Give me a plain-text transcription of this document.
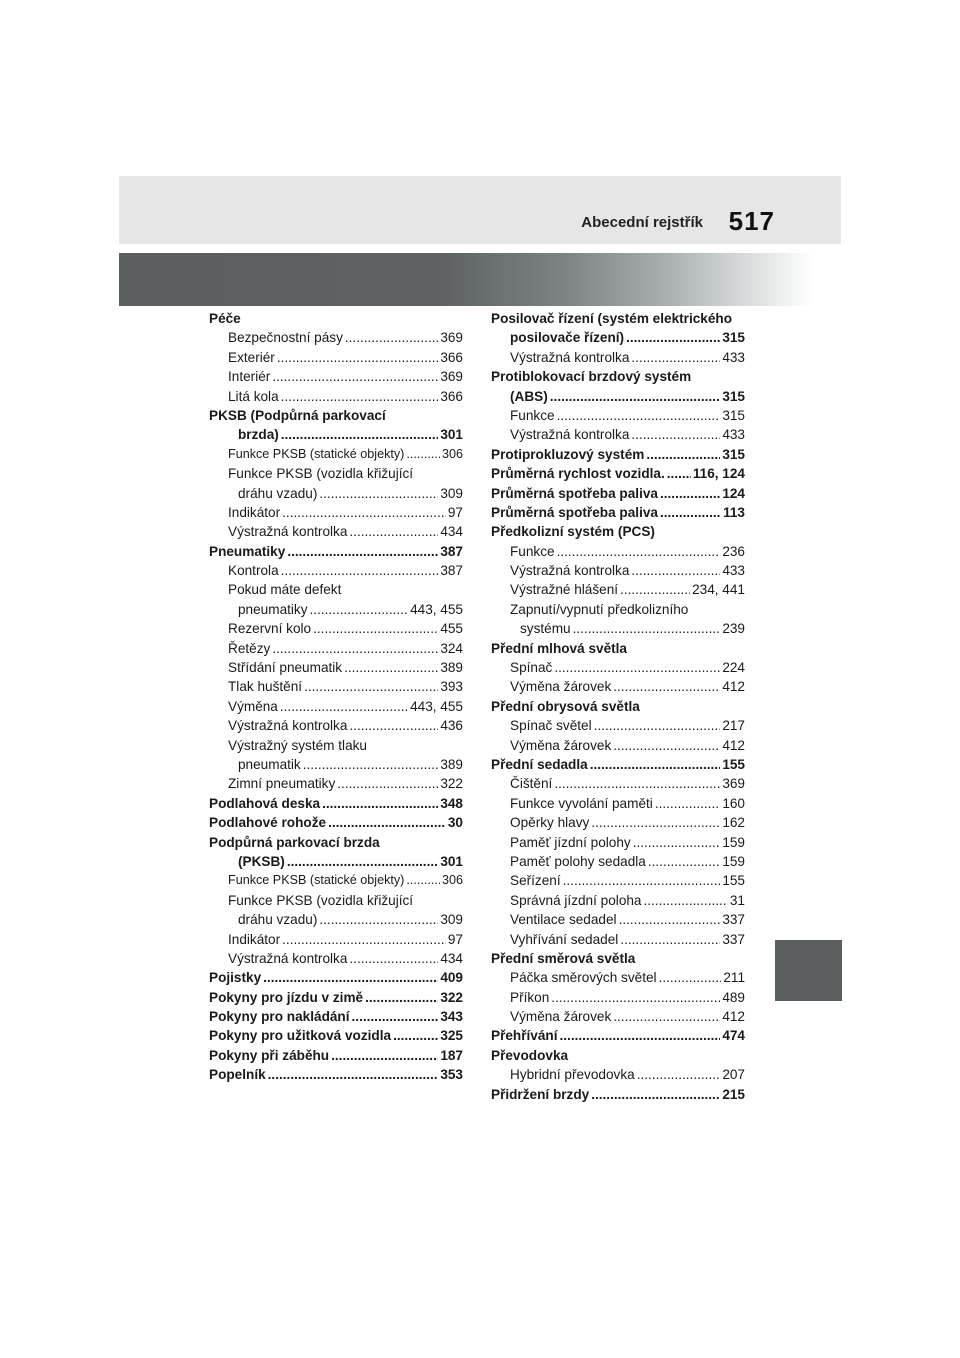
Abecední rejstřík 517
Péče
Bezpečnostní pásy .....	369
Exteriér .....	366
Interiér .....	369
Litá kola .....	366
PKSB (Podpůrná parkovací
brzda) .....	301
Funkce PKSB (statické objekty) .....	306
Funkce PKSB (vozidla křižující
dráhu vzadu) .....	309
Indikátor .....	97
Výstražná kontrolka .....	434
Pneumatiky .....	387
Kontrola .....	387
Pokud máte defekt
pneumatiky .....	443, 455
Rezervní kolo .....	455
Řetězy .....	324
Střídání pneumatik .....	389
Tlak huštění .....	393
Výměna .....	443, 455
Výstražná kontrolka .....	436
Výstražný systém tlaku
pneumatik .....	389
Zimní pneumatiky .....	322
Podlahová deska .....	348
Podlahové rohože .....	30
Podpůrná parkovací brzda
(PKSB) .....	301
Funkce PKSB (statické objekty) .....	306
Funkce PKSB (vozidla křižující
dráhu vzadu) .....	309
Indikátor .....	97
Výstražná kontrolka .....	434
Pojistky .....	409
Pokyny pro jízdu v zimě .....	322
Pokyny pro nakládání .....	343
Pokyny pro užitková vozidla .....	325
Pokyny při záběhu .....	187
Popelník .....	353
Posilovač řízení (systém elektrického
posilovače řízení) .....	315
Výstražná kontrolka .....	433
Protiblokovací brzdový systém
(ABS) .....	315
Funkce .....	315
Výstražná kontrolka .....	433
Protiprokluzový systém .....	315
Průměrná rychlost vozidla. ..... 116, 124
Průměrná spotřeba paliva .....	124
Průměrná spotřeba paliva .....	113
Předkolizní systém (PCS)
Funkce .....	236
Výstražná kontrolka .....	433
Výstražné hlášení .....	234, 441
Zapnutí/vypnutí předkolizního
systému .....	239
Přední mlhová světla
Spínač .....	224
Výměna žárovek .....	412
Přední obrysová světla
Spínač světel .....	217
Výměna žárovek .....	412
Přední sedadla .....	155
Čištění .....	369
Funkce vyvolání paměti .....	160
Opěrky hlavy .....	162
Paměť jízdní polohy .....	159
Paměť polohy sedadla .....	159
Seřízení .....	155
Správná jízdní poloha .....	31
Ventilace sedadel .....	337
Vyhřívání sedadel .....	337
Přední směrová světla
Páčka směrových světel .....	211
Příkon .....	489
Výměna žárovek .....	412
Přehřívání .....	474
Převodovka
Hybridní převodovka .....	207
Přidržení brzdy .....	215
